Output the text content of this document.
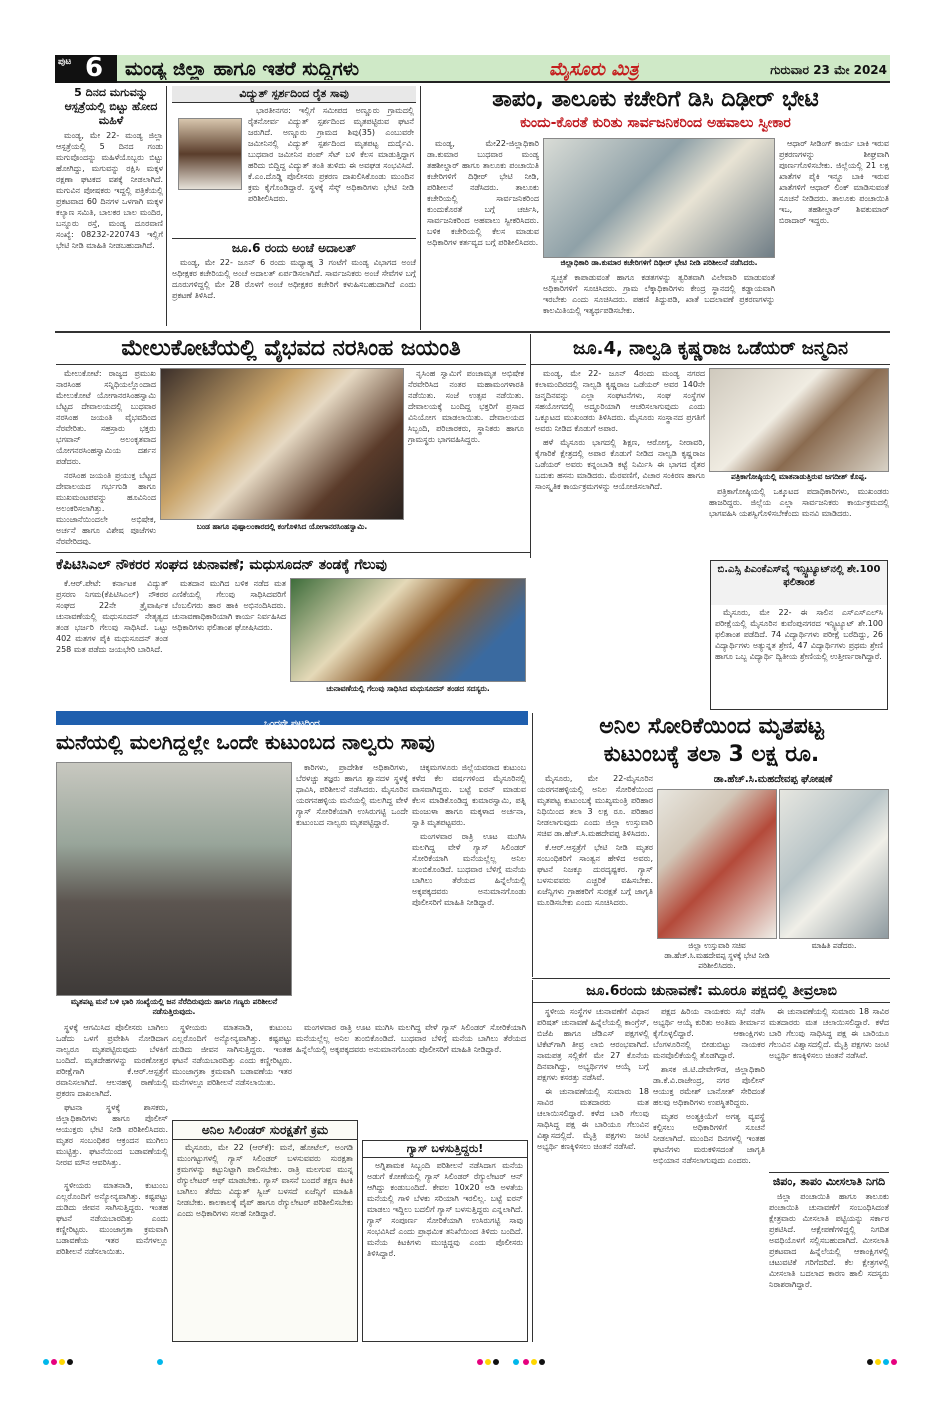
ಪುಟ 6 ಮಂಡ್ಯ ಜಿಲ್ಲಾ ಹಾಗೂ ಇತರೆ ಸುದ್ದಿಗಳು	ಮೈಸೂರು ಮಿತ್ರ	ಗುರುವಾರ 23 ಮೇ 2024
5 ದಿನದ ಮಗುವನ್ನು ಆಸ್ಪತ್ರೆಯಲ್ಲಿ ಬಿಟ್ಟು ಹೋದ ಮಹಿಳೆ

ಮಂಡ್ಯ, ಮೇ 22- ಮಂಡ್ಯ ಜಿಲ್ಲಾ ಆಸ್ಪತ್ರೆಯಲ್ಲಿ 5 ದಿನದ ಗಂಡು ಮಗುವೊಂದನ್ನು ಮಹಿಳೆಯೊಬ್ಬರು ಬಿಟ್ಟು ಹೋಗಿದ್ದು, ಮಗುವನ್ನು ರಕ್ಷಿಸಿ ಮಕ್ಕಳ ರಕ್ಷಣಾ ಘಟಕದ ವಶಕ್ಕೆ ನೀಡಲಾಗಿದೆ. ಮಗುವಿನ ಪೋಷಕರು ಇದ್ದಲ್ಲಿ ಪತ್ರಿಕೆಯಲ್ಲಿ ಪ್ರಕಟವಾದ 60 ದಿನಗಳ ಒಳಗಾಗಿ ಮಕ್ಕಳ ಕಲ್ಯಾಣ ಸಮಿತಿ, ಬಾಲಕರ ಬಾಲ ಮಂದಿರ, ಬನ್ನೂರು ರಸ್ತೆ, ಮಂಡ್ಯ ದೂರವಾಣಿ ಸಂಖ್ಯೆ: 08232-220743 ಇಲ್ಲಿಗೆ ಭೇಟಿ ನೀಡಿ ಮಾಹಿತಿ ನೀಡಬಹುದಾಗಿದೆ.

ವಿದ್ಯುತ್ ಸ್ಪರ್ಶದಿಂದ ರೈತ ಸಾವು

ಭಾರತೀನಗರ: ಇಲ್ಲಿಗೆ ಸಮೀಪದ ಅಣ್ಣೂರು ಗ್ರಾಮದಲ್ಲಿ ರೈತನೋರ್ವ ವಿದ್ಯುತ್ ಸ್ಪರ್ಶದಿಂದ ಮೃತಪಟ್ಟಿರುವ ಘಟನೆ ಜರುಗಿದೆ. ಅಣ್ಣೂರು ಗ್ರಾಮದ ಶಿವು(35) ಎಂಬುವರೇ ಜಮೀನಿನಲ್ಲಿ ವಿದ್ಯುತ್ ಸ್ಪರ್ಶದಿಂದ ಮೃತಪಟ್ಟ ದುರ್ದೈವಿ. ಬುಧವಾರ ಜಮೀನಿನ ಪಂಪ್ ಸೆಟ್ ಬಳಿ ಕೆಲಸ ಮಾಡುತ್ತಿದ್ದಾಗ ಹರಿದು ಬಿದ್ದಿದ್ದ ವಿದ್ಯುತ್ ತಂತಿ ತುಳಿದು ಈ ಅವಘಡ ಸಂಭವಿಸಿದೆ. ಕೆ.ಎಂ.ದೊಡ್ಡಿ ಪೊಲೀಸರು ಪ್ರಕರಣ ದಾಖಲಿಸಿಕೊಂಡು ಮುಂದಿನ ಕ್ರಮ ಕೈಗೊಂಡಿದ್ದಾರೆ. ಸ್ಥಳಕ್ಕೆ ಸೆಸ್ಕ್ ಅಧಿಕಾರಿಗಳು ಭೇಟಿ ನೀಡಿ ಪರಿಶೀಲಿಸಿದರು.

ಜೂ.6 ರಂದು ಅಂಚೆ ಅದಾಲತ್

ಮಂಡ್ಯ, ಮೇ 22- ಜೂನ್ 6 ರಂದು ಮಧ್ಯಾಹ್ನ 3 ಗಂಟೆಗೆ ಮಂಡ್ಯ ವಿಭಾಗದ ಅಂಚೆ ಅಧೀಕ್ಷಕರ ಕಚೇರಿಯಲ್ಲಿ ಅಂಚೆ ಅದಾಲತ್ ಏರ್ಪಡಿಸಲಾಗಿದೆ. ಸಾರ್ವಜನಿಕರು ಅಂಚೆ ಸೇವೆಗಳ ಬಗ್ಗೆ ದೂರುಗಳಿದ್ದಲ್ಲಿ ಮೇ 28 ರೊಳಗೆ ಅಂಚೆ ಅಧೀಕ್ಷಕರ ಕಚೇರಿಗೆ ಕಳುಹಿಸಬಹುದಾಗಿದೆ ಎಂದು ಪ್ರಕಟಣೆ ತಿಳಿಸಿದೆ.

ತಾಪಂ, ತಾಲೂಕು ಕಚೇರಿಗೆ ಡಿಸಿ ದಿಢೀರ್ ಭೇಟಿ
ಕುಂದು-ಕೊರತೆ ಕುರಿತು ಸಾರ್ವಜನಿಕರಿಂದ ಅಹವಾಲು ಸ್ವೀಕಾರ

ಮಂಡ್ಯ, ಮೇ22-ಜಿಲ್ಲಾಧಿಕಾರಿ ಡಾ.ಕುಮಾರ ಬುಧವಾರ ಮಂಡ್ಯ ತಹಶೀಲ್ದಾರ್ ಹಾಗೂ ತಾಲೂಕು ಪಂಚಾಯಿತಿ ಕಚೇರಿಗಳಿಗೆ ದಿಢೀರ್ ಭೇಟಿ ನೀಡಿ, ಪರಿಶೀಲನೆ ನಡೆಸಿದರು. ತಾಲೂಕು ಕಚೇರಿಯಲ್ಲಿ ಸಾರ್ವಜನಿಕರಿಂದ ಕುಂದುಕೊರತೆ ಬಗ್ಗೆ ಚರ್ಚಿಸಿ, ಸಾರ್ವಜನಿಕರಿಂದ ಅಹವಾಲು ಸ್ವೀಕರಿಸಿದರು. ಬಳಿಕ ಕಚೇರಿಯಲ್ಲಿ ಕೆಲಸ ಮಾಡುವ ಅಧಿಕಾರಿಗಳ ಕರ್ತವ್ಯದ ಬಗ್ಗೆ ಪರಿಶೀಲಿಸಿದರು.

ಜಿಲ್ಲಾಧಿಕಾರಿ ಡಾ.ಕುಮಾರ ಕಚೇರಿಗಳಿಗೆ ದಿಢೀರ್ ಭೇಟಿ ನೀಡಿ ಪರಿಶೀಲನೆ ನಡೆಸಿದರು.

ಸ್ವಚ್ಛತೆ ಕಾಪಾಡುವಂತೆ ಹಾಗೂ ಕಡತಗಳನ್ನು ತ್ವರಿತವಾಗಿ ವಿಲೇವಾರಿ ಮಾಡುವಂತೆ ಅಧಿಕಾರಿಗಳಿಗೆ ಸೂಚಿಸಿದರು. ಗ್ರಾಮ ಲೆಕ್ಕಾಧಿಕಾರಿಗಳು ಕೇಂದ್ರ ಸ್ಥಾನದಲ್ಲಿ ಕಡ್ಡಾಯವಾಗಿ ಇರಬೇಕು ಎಂದು ಸೂಚಿಸಿದರು. ಪಹಣಿ ತಿದ್ದುಪಡಿ, ಖಾತೆ ಬದಲಾವಣೆ ಪ್ರಕರಣಗಳನ್ನು ಕಾಲಮಿತಿಯಲ್ಲಿ ಇತ್ಯರ್ಥಪಡಿಸಬೇಕು.

ಆಧಾರ್ ಸೀಡಿಂಗ್ ಕಾರ್ಯ ಬಾಕಿ ಇರುವ ಪ್ರಕರಣಗಳನ್ನು ಶೀಘ್ರವಾಗಿ ಪೂರ್ಣಗೊಳಿಸಬೇಕು. ಜಿಲ್ಲೆಯಲ್ಲಿ 21 ಲಕ್ಷ ಖಾತೆಗಳ ಪೈಕಿ ಇನ್ನೂ ಬಾಕಿ ಇರುವ ಖಾತೆಗಳಿಗೆ ಆಧಾರ್ ಲಿಂಕ್ ಮಾಡಿಸುವಂತೆ ಸೂಚನೆ ನೀಡಿದರು. ತಾಲೂಕು ಪಂಚಾಯಿತಿ ಇಒ, ತಹಶೀಲ್ದಾರ್ ಶಿವಕುಮಾರ್ ಬಿರಾದಾರ್ ಇದ್ದರು.

ಮೇಲುಕೋಟೆಯಲ್ಲಿ ವೈಭವದ ನರಸಿಂಹ ಜಯಂತಿ

ಮೇಲುಕೋಟೆ: ರಾಜ್ಯದ ಪ್ರಮುಖ ನಾರಸಿಂಹ ಸನ್ನಿಧಿಯಲ್ಲೊಂದಾದ ಮೇಲುಕೋಟೆ ಯೋಗಾನರಸಿಂಹಸ್ವಾಮಿ ಬೆಟ್ಟದ ದೇವಾಲಯದಲ್ಲಿ ಬುಧವಾರ ನರಸಿಂಹ ಜಯಂತಿ ವೈಭವದಿಂದ ನೆರವೇರಿತು. ಸಹಸ್ರಾರು ಭಕ್ತರು ಭಗವಾನ್ ಅಲಂಕೃತವಾದ ಯೋಗನರಸಿಂಹಸ್ವಾಮಿಯ ದರ್ಶನ ಪಡೆದರು.

ನರಸಿಂಹ ಜಯಂತಿ ಪ್ರಯುಕ್ತ ಬೆಟ್ಟದ ದೇವಾಲಯದ ಗರ್ಭಗುಡಿ ಹಾಗೂ ಮುಖಮಂಟಪವನ್ನು ಹೂವಿನಿಂದ ಅಲಂಕರಿಸಲಾಗಿತ್ತು. ಮುಂಜಾನೆಯಿಂದಲೇ ಅಭಿಷೇಕ, ಅರ್ಚನೆ ಹಾಗೂ ವಿಶೇಷ ಪೂಜೆಗಳು ನೆರವೇರಿದವು.

ಬಂಡ ಹಾಗೂ ಪುಷ್ಪಾಲಂಕಾರದಲ್ಲಿ ಕಂಗೊಳಿಸಿದ ಯೋಗಾನರಸಿಂಹಸ್ವಾಮಿ.

ನೃಸಿಂಹ ಸ್ವಾಮಿಗೆ ಪಂಚಾಮೃತ ಅಭಿಷೇಕ ನೆರವೇರಿಸಿದ ನಂತರ ಮಹಾಮಂಗಳಾರತಿ ನಡೆಯಿತು. ಸಂಜೆ ಉತ್ಸವ ನಡೆಯಿತು. ದೇವಾಲಯಕ್ಕೆ ಬಂದಿದ್ದ ಭಕ್ತರಿಗೆ ಪ್ರಸಾದ ವಿನಿಯೋಗ ಮಾಡಲಾಯಿತು. ದೇವಾಲಯದ ಸಿಬ್ಬಂದಿ, ಪರಿಚಾರಕರು, ಸ್ಥಾನಿಕರು ಹಾಗೂ ಗ್ರಾಮಸ್ಥರು ಭಾಗವಹಿಸಿದ್ದರು.

ಜೂ.4, ನಾಲ್ವಡಿ ಕೃಷ್ಣರಾಜ ಒಡೆಯರ್ ಜನ್ಮದಿನ

ಮಂಡ್ಯ, ಮೇ 22- ಜೂನ್ 4ರಂದು ಮಂಡ್ಯ ನಗರದ ಕಲಾಮಂದಿರದಲ್ಲಿ ನಾಲ್ವಡಿ ಕೃಷ್ಣರಾಜ ಒಡೆಯರ್ ಅವರ 140ನೇ ಜನ್ಮದಿನವನ್ನು ಎಲ್ಲಾ ಸಂಘಟನೆಗಳು, ಸಂಘ ಸಂಸ್ಥೆಗಳ ಸಹಯೋಗದಲ್ಲಿ ಅದ್ಧೂರಿಯಾಗಿ ಆಚರಿಸಲಾಗುವುದು ಎಂದು ಒಕ್ಕೂಟದ ಮುಖಂಡರು ತಿಳಿಸಿದರು. ಮೈಸೂರು ಸಂಸ್ಥಾನದ ಪ್ರಗತಿಗೆ ಅವರು ನೀಡಿದ ಕೊಡುಗೆ ಅಪಾರ.

ಹಳೆ ಮೈಸೂರು ಭಾಗದಲ್ಲಿ ಶಿಕ್ಷಣ, ಆರೋಗ್ಯ, ನೀರಾವರಿ, ಕೈಗಾರಿಕೆ ಕ್ಷೇತ್ರದಲ್ಲಿ ಅಪಾರ ಕೊಡುಗೆ ನೀಡಿದ ನಾಲ್ವಡಿ ಕೃಷ್ಣರಾಜ ಒಡೆಯರ್ ಅವರು ಕನ್ನಂಬಾಡಿ ಕಟ್ಟೆ ನಿರ್ಮಿಸಿ ಈ ಭಾಗದ ರೈತರ ಬದುಕು ಹಸನು ಮಾಡಿದರು. ಮೆರವಣಿಗೆ, ವಿಚಾರ ಸಂಕಿರಣ ಹಾಗೂ ಸಾಂಸ್ಕೃತಿಕ ಕಾರ್ಯಕ್ರಮಗಳನ್ನು ಆಯೋಜಿಸಲಾಗಿದೆ.

ಪತ್ರಿಕಾಗೋಷ್ಠಿಯಲ್ಲಿ ಮಾತನಾಡುತ್ತಿರುವ ಜಗದೀಶ್ ಕೊಪ್ಪ.

ಪತ್ರಿಕಾಗೋಷ್ಠಿಯಲ್ಲಿ ಒಕ್ಕೂಟದ ಪದಾಧಿಕಾರಿಗಳು, ಮುಖಂಡರು ಹಾಜರಿದ್ದರು. ಜಿಲ್ಲೆಯ ಎಲ್ಲಾ ಸಾರ್ವಜನಿಕರು ಕಾರ್ಯಕ್ರಮದಲ್ಲಿ ಭಾಗವಹಿಸಿ ಯಶಸ್ವಿಗೊಳಿಸಬೇಕೆಂದು ಮನವಿ ಮಾಡಿದರು.

ಕೆಪಿಟಿಸಿಎಲ್ ನೌಕರರ ಸಂಘದ ಚುನಾವಣೆ; ಮಧುಸೂದನ್ ತಂಡಕ್ಕೆ ಗೆಲುವು

ಕೆ.ಆರ್.ಪೇಟೆ: ಕರ್ನಾಟಕ ವಿದ್ಯುತ್ ಪ್ರಸರಣ ನಿಗಮ(ಕೆಪಿಟಿಸಿಎಲ್) ನೌಕರರ ಸಂಘದ 22ನೇ ತ್ರೈವಾರ್ಷಿಕ ಚುನಾವಣೆಯಲ್ಲಿ ಮಧುಸೂದನ್ ನೇತೃತ್ವದ ತಂಡ ಭರ್ಜರಿ ಗೆಲುವು ಸಾಧಿಸಿದೆ. ಒಟ್ಟು 402 ಮತಗಳ ಪೈಕಿ ಮಧುಸೂದನ್ ತಂಡ 258 ಮತ ಪಡೆದು ಜಯಭೇರಿ ಬಾರಿಸಿದೆ.

ಮತದಾನ ಮುಗಿದ ಬಳಿಕ ನಡೆದ ಮತ ಎಣಿಕೆಯಲ್ಲಿ ಗೆಲುವು ಸಾಧಿಸಿದವರಿಗೆ ಬೆಂಬಲಿಗರು ಹಾರ ಹಾಕಿ ಅಭಿನಂದಿಸಿದರು. ಚುನಾವಣಾಧಿಕಾರಿಯಾಗಿ ಕಾರ್ಯ ನಿರ್ವಹಿಸಿದ ಅಧಿಕಾರಿಗಳು ಫಲಿತಾಂಶ ಘೋಷಿಸಿದರು.

ಚುನಾವಣೆಯಲ್ಲಿ ಗೆಲುವು ಸಾಧಿಸಿದ ಮಧುಸೂದನ್ ತಂಡದ ಸದಸ್ಯರು.
ಬಿ.ಎಸ್ಸಿ ಪಿಎಂಕೆಎಸ್‌ವೈ ಇನ್ಸ್ಟಿಟ್ಯೂಟ್‌ನಲ್ಲಿ ಶೇ.100 ಫಲಿತಾಂಶ

ಮೈಸೂರು, ಮೇ 22- ಈ ಸಾಲಿನ ಎಸ್ಎಸ್ಎಲ್‌ಸಿ ಪರೀಕ್ಷೆಯಲ್ಲಿ ಮೈಸೂರಿನ ಕುವೆಂಪುನಗರದ ಇನ್ಸ್ಟಿಟ್ಯೂಟ್ ಶೇ.100 ಫಲಿತಾಂಶ ಪಡೆದಿದೆ. 74 ವಿದ್ಯಾರ್ಥಿಗಳು ಪರೀಕ್ಷೆ ಬರೆದಿದ್ದು, 26 ವಿದ್ಯಾರ್ಥಿಗಳು ಅತ್ಯುನ್ನತ ಶ್ರೇಣಿ, 47 ವಿದ್ಯಾರ್ಥಿಗಳು ಪ್ರಥಮ ಶ್ರೇಣಿ ಹಾಗೂ ಒಬ್ಬ ವಿದ್ಯಾರ್ಥಿ ದ್ವಿತೀಯ ಶ್ರೇಣಿಯಲ್ಲಿ ಉತ್ತೀರ್ಣರಾಗಿದ್ದಾರೆ.

ಒಂದನೇ ಪುಟದಿಂದ
ಮನೆಯಲ್ಲಿ ಮಲಗಿದ್ದಲ್ಲೇ ಒಂದೇ ಕುಟುಂಬದ ನಾಲ್ವರು ಸಾವು
ಮೃತಪಟ್ಟ ಮನೆ ಬಳಿ ಭಾರಿ ಸಂಖ್ಯೆಯಲ್ಲಿ ಜನ ನೆರೆದಿರುವುದು ಹಾಗೂ ಗಣ್ಯರು ಪರಿಶೀಲನೆ ನಡೆಸುತ್ತಿರುವುದು.

ಕಾರಿಗಳು, ಪ್ರಾದೇಶಿಕ ಅಧಿಕಾರಿಗಳು, ಬೆರಳಚ್ಚು ತಜ್ಞರು ಹಾಗೂ ಶ್ವಾನದಳ ಸ್ಥಳಕ್ಕೆ ಧಾವಿಸಿ, ಪರಿಶೀಲನೆ ನಡೆಸಿದರು. ಮೈಸೂರಿನ ಯರಗನಹಳ್ಳಿಯ ಮನೆಯಲ್ಲಿ ಮಲಗಿದ್ದ ವೇಳೆ ಗ್ಯಾಸ್ ಸೋರಿಕೆಯಾಗಿ ಉಸಿರುಗಟ್ಟಿ ಒಂದೇ ಕುಟುಂಬದ ನಾಲ್ವರು ಮೃತಪಟ್ಟಿದ್ದಾರೆ.

ಚಿಕ್ಕಮಗಳೂರು ಜಿಲ್ಲೆಯವರಾದ ಕುಟುಂಬ ಕಳೆದ ಕೆಲ ವರ್ಷಗಳಿಂದ ಮೈಸೂರಿನಲ್ಲಿ ವಾಸವಾಗಿದ್ದರು. ಬಟ್ಟೆ ಐರನ್ ಮಾಡುವ ಕೆಲಸ ಮಾಡಿಕೊಂಡಿದ್ದ ಕುಮಾರಸ್ವಾಮಿ, ಪತ್ನಿ ಮಂಜುಳಾ ಹಾಗೂ ಮಕ್ಕಳಾದ ಅರ್ಚನಾ, ಸ್ವಾತಿ ಮೃತಪಟ್ಟವರು.

ಮಂಗಳವಾರ ರಾತ್ರಿ ಊಟ ಮುಗಿಸಿ ಮಲಗಿದ್ದ ವೇಳೆ ಗ್ಯಾಸ್ ಸಿಲಿಂಡರ್ ಸೋರಿಕೆಯಾಗಿ ಮನೆಯಲ್ಲೆಲ್ಲ ಅನಿಲ ತುಂಬಿಕೊಂಡಿದೆ. ಬುಧವಾರ ಬೆಳಿಗ್ಗೆ ಮನೆಯ ಬಾಗಿಲು ತೆರೆಯದ ಹಿನ್ನೆಲೆಯಲ್ಲಿ ಅಕ್ಕಪಕ್ಕದವರು ಅನುಮಾನಗೊಂಡು ಪೊಲೀಸರಿಗೆ ಮಾಹಿತಿ ನೀಡಿದ್ದಾರೆ.

ಸ್ಥಳಕ್ಕೆ ಆಗಮಿಸಿದ ಪೊಲೀಸರು ಬಾಗಿಲು ಒಡೆದು ಒಳಗೆ ಪ್ರವೇಶಿಸಿ ನೋಡಿದಾಗ ನಾಲ್ವರೂ ಮೃತಪಟ್ಟಿರುವುದು ಬೆಳಕಿಗೆ ಬಂದಿದೆ. ಮೃತದೇಹಗಳನ್ನು ಮರಣೋತ್ತರ ಪರೀಕ್ಷೆಗಾಗಿ ಕೆ.ಆರ್.ಆಸ್ಪತ್ರೆಗೆ ರವಾನಿಸಲಾಗಿದೆ. ಆಲನಹಳ್ಳಿ ಠಾಣೆಯಲ್ಲಿ ಪ್ರಕರಣ ದಾಖಲಾಗಿದೆ.

ಘಟನಾ ಸ್ಥಳಕ್ಕೆ ಶಾಸಕರು, ಜಿಲ್ಲಾಧಿಕಾರಿಗಳು ಹಾಗೂ ಪೊಲೀಸ್ ಆಯುಕ್ತರು ಭೇಟಿ ನೀಡಿ ಪರಿಶೀಲಿಸಿದರು. ಮೃತರ ಸಂಬಂಧಿಕರ ಆಕ್ರಂದನ ಮುಗಿಲು ಮುಟ್ಟಿತ್ತು. ಘಟನೆಯಿಂದ ಬಡಾವಣೆಯಲ್ಲಿ ನೀರವ ಮೌನ ಆವರಿಸಿತ್ತು.

ಸ್ಥಳೀಯರು ಮಾತನಾಡಿ, ಕುಟುಂಬ ಎಲ್ಲರೊಂದಿಗೆ ಅನ್ಯೋನ್ಯವಾಗಿತ್ತು. ಕಷ್ಟಪಟ್ಟು ದುಡಿದು ಜೀವನ ಸಾಗಿಸುತ್ತಿದ್ದರು. ಇಂತಹ ಘಟನೆ ನಡೆಯಬಾರದಿತ್ತು ಎಂದು ಕಣ್ಣೀರಿಟ್ಟರು. ಮುಂಜಾಗ್ರತಾ ಕ್ರಮವಾಗಿ ಬಡಾವಣೆಯ ಇತರ ಮನೆಗಳಲ್ಲೂ ಪರಿಶೀಲನೆ ನಡೆಸಲಾಯಿತು.

ಮಂಗಳವಾರ ರಾತ್ರಿ ಊಟ ಮುಗಿಸಿ ಮಲಗಿದ್ದ ವೇಳೆ ಗ್ಯಾಸ್ ಸಿಲಿಂಡರ್ ಸೋರಿಕೆಯಾಗಿ ಮನೆಯಲ್ಲೆಲ್ಲ ಅನಿಲ ತುಂಬಿಕೊಂಡಿದೆ. ಬುಧವಾರ ಬೆಳಿಗ್ಗೆ ಮನೆಯ ಬಾಗಿಲು ತೆರೆಯದ ಹಿನ್ನೆಲೆಯಲ್ಲಿ ಅಕ್ಕಪಕ್ಕದವರು ಅನುಮಾನಗೊಂಡು ಪೊಲೀಸರಿಗೆ ಮಾಹಿತಿ ನೀಡಿದ್ದಾರೆ.

ಅನಿಲ ಸಿಲಿಂಡರ್ ಸುರಕ್ಷತೆಗೆ ಕ್ರಮ

ಮೈಸೂರು, ಮೇ 22 (ಆರ್‌ಕೆ): ಮನೆ, ಹೋಟೆಲ್, ಅಂಗಡಿ ಮುಂಗಟ್ಟುಗಳಲ್ಲಿ ಗ್ಯಾಸ್ ಸಿಲಿಂಡರ್ ಬಳಸುವವರು ಸುರಕ್ಷತಾ ಕ್ರಮಗಳನ್ನು ಕಟ್ಟುನಿಟ್ಟಾಗಿ ಪಾಲಿಸಬೇಕು. ರಾತ್ರಿ ಮಲಗುವ ಮುನ್ನ ರೆಗ್ಯುಲೇಟರ್ ಆಫ್ ಮಾಡಬೇಕು. ಗ್ಯಾಸ್ ವಾಸನೆ ಬಂದರೆ ತಕ್ಷಣ ಕಿಟಕಿ ಬಾಗಿಲು ತೆರೆದು ವಿದ್ಯುತ್ ಸ್ವಿಚ್ ಬಳಸದೆ ಏಜೆನ್ಸಿಗೆ ಮಾಹಿತಿ ನೀಡಬೇಕು. ಕಾಲಕಾಲಕ್ಕೆ ಪೈಪ್ ಹಾಗೂ ರೆಗ್ಯುಲೇಟರ್ ಪರಿಶೀಲಿಸಬೇಕು ಎಂದು ಅಧಿಕಾರಿಗಳು ಸಲಹೆ ನೀಡಿದ್ದಾರೆ.

ಗ್ಯಾಸ್ ಬಳಸುತ್ತಿದ್ದರು!

ಅಗ್ನಿಶಾಮಕ ಸಿಬ್ಬಂದಿ ಪರಿಶೀಲನೆ ನಡೆಸಿದಾಗ ಮನೆಯ ಅಡುಗೆ ಕೋಣೆಯಲ್ಲಿ ಗ್ಯಾಸ್ ಸಿಲಿಂಡರ್ ರೆಗ್ಯುಲೇಟರ್ ಆನ್ ಆಗಿದ್ದು ಕಂಡುಬಂದಿದೆ. ಕೇವಲ 10x20 ಅಡಿ ಅಳತೆಯ ಮನೆಯಲ್ಲಿ ಗಾಳಿ ಬೆಳಕು ಸರಿಯಾಗಿ ಇರಲಿಲ್ಲ. ಬಟ್ಟೆ ಐರನ್ ಮಾಡಲು ಇದ್ದಿಲು ಬದಲಿಗೆ ಗ್ಯಾಸ್ ಬಳಸುತ್ತಿದ್ದರು ಎನ್ನಲಾಗಿದೆ. ಗ್ಯಾಸ್ ಸಂಪೂರ್ಣ ಸೋರಿಕೆಯಾಗಿ ಉಸಿರುಗಟ್ಟಿ ಸಾವು ಸಂಭವಿಸಿದೆ ಎಂದು ಪ್ರಾಥಮಿಕ ತನಿಖೆಯಿಂದ ತಿಳಿದು ಬಂದಿದೆ. ಮನೆಯ ಕಿಟಕಿಗಳು ಮುಚ್ಚಿದ್ದವು ಎಂದು ಪೊಲೀಸರು ತಿಳಿಸಿದ್ದಾರೆ.

ಸ್ಥಳೀಯರು ಮಾತನಾಡಿ, ಕುಟುಂಬ ಎಲ್ಲರೊಂದಿಗೆ ಅನ್ಯೋನ್ಯವಾಗಿತ್ತು. ಕಷ್ಟಪಟ್ಟು ದುಡಿದು ಜೀವನ ಸಾಗಿಸುತ್ತಿದ್ದರು. ಇಂತಹ ಘಟನೆ ನಡೆಯಬಾರದಿತ್ತು ಎಂದು ಕಣ್ಣೀರಿಟ್ಟರು. ಮುಂಜಾಗ್ರತಾ ಕ್ರಮವಾಗಿ ಬಡಾವಣೆಯ ಇತರ ಮನೆಗಳಲ್ಲೂ ಪರಿಶೀಲನೆ ನಡೆಸಲಾಯಿತು.

ಅನಿಲ ಸೋರಿಕೆಯಿಂದ ಮೃತಪಟ್ಟ
ಕುಟುಂಬಕ್ಕೆ ತಲಾ 3 ಲಕ್ಷ ರೂ.
ಡಾ.ಹೆಚ್.ಸಿ.ಮಹದೇವಪ್ಪ ಘೋಷಣೆ

ಮೈಸೂರು, ಮೇ 22-ಮೈಸೂರಿನ ಯರಗನಹಳ್ಳಿಯಲ್ಲಿ ಅನಿಲ ಸೋರಿಕೆಯಿಂದ ಮೃತಪಟ್ಟ ಕುಟುಂಬಕ್ಕೆ ಮುಖ್ಯಮಂತ್ರಿ ಪರಿಹಾರ ನಿಧಿಯಿಂದ ತಲಾ 3 ಲಕ್ಷ ರೂ. ಪರಿಹಾರ ನೀಡಲಾಗುವುದು ಎಂದು ಜಿಲ್ಲಾ ಉಸ್ತುವಾರಿ ಸಚಿವ ಡಾ.ಹೆಚ್.ಸಿ.ಮಹದೇವಪ್ಪ ತಿಳಿಸಿದರು.

ಕೆ.ಆರ್.ಆಸ್ಪತ್ರೆಗೆ ಭೇಟಿ ನೀಡಿ ಮೃತರ ಸಂಬಂಧಿಕರಿಗೆ ಸಾಂತ್ವನ ಹೇಳಿದ ಅವರು, ಘಟನೆ ನಿಜಕ್ಕೂ ದುರದೃಷ್ಟಕರ. ಗ್ಯಾಸ್ ಬಳಸುವವರು ಎಚ್ಚರಿಕೆ ವಹಿಸಬೇಕು. ಏಜೆನ್ಸಿಗಳು ಗ್ರಾಹಕರಿಗೆ ಸುರಕ್ಷತೆ ಬಗ್ಗೆ ಜಾಗೃತಿ ಮೂಡಿಸಬೇಕು ಎಂದು ಸೂಚಿಸಿದರು.

ಜಿಲ್ಲಾ ಉಸ್ತುವಾರಿ ಸಚಿವ ಡಾ.ಹೆಚ್.ಸಿ.ಮಹದೇವಪ್ಪ ಸ್ಥಳಕ್ಕೆ ಭೇಟಿ ನೀಡಿ ಪರಿಶೀಲಿಸಿದರು.
ಮಾಹಿತಿ ಪಡೆದರು.
ಜೂ.6ರಂದು ಚುನಾವಣೆ: ಮೂರೂ ಪಕ್ಷದಲ್ಲಿ ತೀವ್ರಲಾಬಿ

ಸ್ಥಳೀಯ ಸಂಸ್ಥೆಗಳ ಚುನಾವಣೆಗೆ ವಿಧಾನ ಪರಿಷತ್ ಚುನಾವಣೆ ಹಿನ್ನೆಲೆಯಲ್ಲಿ ಕಾಂಗ್ರೆಸ್, ಬಿಜೆಪಿ ಹಾಗೂ ಜೆಡಿಎಸ್ ಪಕ್ಷಗಳಲ್ಲಿ ಟಿಕೆಟ್‌ಗಾಗಿ ತೀವ್ರ ಲಾಬಿ ಆರಂಭವಾಗಿದೆ. ನಾಮಪತ್ರ ಸಲ್ಲಿಕೆಗೆ ಮೇ 27 ಕೊನೆಯ ದಿನವಾಗಿದ್ದು, ಅಭ್ಯರ್ಥಿಗಳ ಆಯ್ಕೆ ಬಗ್ಗೆ ಪಕ್ಷಗಳು ಕಸರತ್ತು ನಡೆಸಿವೆ.

ಈ ಚುನಾವಣೆಯಲ್ಲಿ ಸುಮಾರು 18 ಸಾವಿರ ಮತದಾರರು ಮತ ಚಲಾಯಿಸಲಿದ್ದಾರೆ. ಕಳೆದ ಬಾರಿ ಗೆಲುವು ಸಾಧಿಸಿದ್ದ ಪಕ್ಷ ಈ ಬಾರಿಯೂ ಗೆಲುವಿನ ವಿಶ್ವಾಸದಲ್ಲಿದೆ. ಮೈತ್ರಿ ಪಕ್ಷಗಳು ಜಂಟಿ ಅಭ್ಯರ್ಥಿ ಕಣಕ್ಕಿಳಿಸಲು ಚಿಂತನೆ ನಡೆಸಿವೆ.

ಪಕ್ಷದ ಹಿರಿಯ ನಾಯಕರು ಸಭೆ ನಡೆಸಿ ಅಭ್ಯರ್ಥಿ ಆಯ್ಕೆ ಕುರಿತು ಅಂತಿಮ ತೀರ್ಮಾನ ಕೈಗೊಳ್ಳಲಿದ್ದಾರೆ. ಆಕಾಂಕ್ಷಿಗಳು ಬೆಂಗಳೂರಿನಲ್ಲಿ ಬೀಡುಬಿಟ್ಟು ನಾಯಕರ ಮನವೊಲಿಕೆಯಲ್ಲಿ ತೊಡಗಿದ್ದಾರೆ.

ಶಾಸಕ ಜಿ.ಟಿ.ದೇವೇಗೌಡ, ಜಿಲ್ಲಾಧಿಕಾರಿ ಡಾ.ಕೆ.ವಿ.ರಾಜೇಂದ್ರ, ನಗರ ಪೊಲೀಸ್ ಆಯುಕ್ತ ರಮೇಶ್ ಬಾನೋತ್ ಸೇರಿದಂತೆ ಹಲವು ಅಧಿಕಾರಿಗಳು ಉಪಸ್ಥಿತರಿದ್ದರು.

ಮೃತರ ಅಂತ್ಯಕ್ರಿಯೆಗೆ ಅಗತ್ಯ ವ್ಯವಸ್ಥೆ ಕಲ್ಪಿಸಲು ಅಧಿಕಾರಿಗಳಿಗೆ ಸೂಚನೆ ನೀಡಲಾಗಿದೆ. ಮುಂದಿನ ದಿನಗಳಲ್ಲಿ ಇಂತಹ ಘಟನೆಗಳು ಮರುಕಳಿಸದಂತೆ ಜಾಗೃತಿ ಅಭಿಯಾನ ನಡೆಸಲಾಗುವುದು ಎಂದರು.

ಈ ಚುನಾವಣೆಯಲ್ಲಿ ಸುಮಾರು 18 ಸಾವಿರ ಮತದಾರರು ಮತ ಚಲಾಯಿಸಲಿದ್ದಾರೆ. ಕಳೆದ ಬಾರಿ ಗೆಲುವು ಸಾಧಿಸಿದ್ದ ಪಕ್ಷ ಈ ಬಾರಿಯೂ ಗೆಲುವಿನ ವಿಶ್ವಾಸದಲ್ಲಿದೆ. ಮೈತ್ರಿ ಪಕ್ಷಗಳು ಜಂಟಿ ಅಭ್ಯರ್ಥಿ ಕಣಕ್ಕಿಳಿಸಲು ಚಿಂತನೆ ನಡೆಸಿವೆ.

ಜಿಪಂ, ತಾಪಂ ಮೀಸಲಾತಿ ನಿಗದಿ

ಜಿಲ್ಲಾ ಪಂಚಾಯಿತಿ ಹಾಗೂ ತಾಲೂಕು ಪಂಚಾಯಿತಿ ಚುನಾವಣೆಗೆ ಸಂಬಂಧಿಸಿದಂತೆ ಕ್ಷೇತ್ರವಾರು ಮೀಸಲಾತಿ ಪಟ್ಟಿಯನ್ನು ಸರ್ಕಾರ ಪ್ರಕಟಿಸಿದೆ. ಆಕ್ಷೇಪಣೆಗಳಿದ್ದಲ್ಲಿ ನಿಗದಿತ ಅವಧಿಯೊಳಗೆ ಸಲ್ಲಿಸಬಹುದಾಗಿದೆ. ಮೀಸಲಾತಿ ಪ್ರಕಟವಾದ ಹಿನ್ನೆಲೆಯಲ್ಲಿ ಆಕಾಂಕ್ಷಿಗಳಲ್ಲಿ ಚಟುವಟಿಕೆ ಗರಿಗೆದರಿದೆ. ಕೆಲ ಕ್ಷೇತ್ರಗಳಲ್ಲಿ ಮೀಸಲಾತಿ ಬದಲಾದ ಕಾರಣ ಹಾಲಿ ಸದಸ್ಯರು ನಿರಾಶರಾಗಿದ್ದಾರೆ.
